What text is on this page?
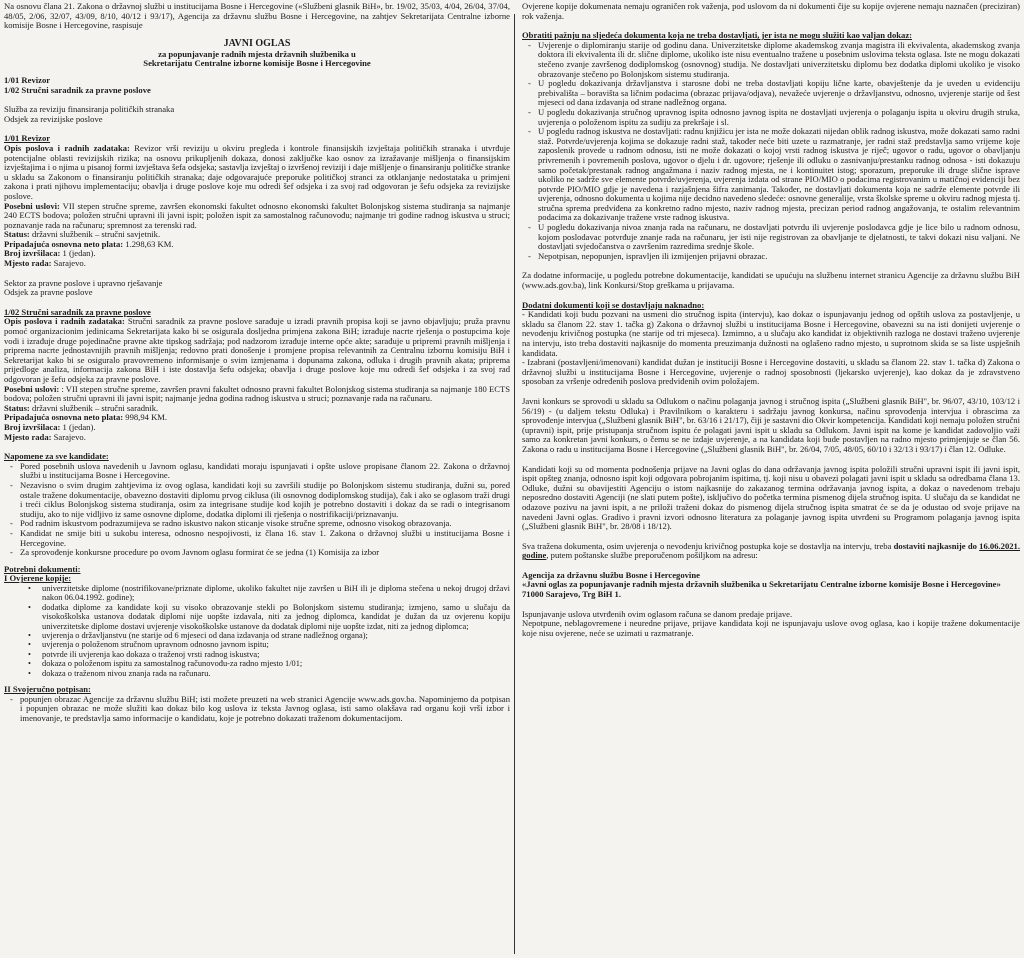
Na osnovu člana 21. Zakona o državnoj službi u institucijama Bosne i Hercegovine («Službeni glasnik BiH», br. 19/02, 35/03, 4/04, 26/04, 37/04, 48/05, 2/06, 32/07, 43/09, 8/10, 40/12 i 93/17), Agencija za državnu službu Bosne i Hercegovine, na zahtjev Sekretarijata Centralne izborne komisije Bosne i Hercegovine, raspisuje

JAVNI OGLAS

za popunjavanje radnih mjesta državnih službenika u

Sekretarijatu Centralne izborne komisije Bosne i Hercegovine

1/01 Revizor

1/02 Stručni saradnik za pravne poslove

Služba za reviziju finansiranja političkih stranaka

Odsjek za revizijske poslove

1/01 Revizor

Opis poslova i radnih zadataka: Revizor vrši reviziju u okviru pregleda i kontrole finansijskih izvještaja političkih stranaka i utvrđuje potencijalne oblasti revizijskih rizika; na osnovu prikupljenih dokaza, donosi zaključke kao osnov za izražavanje mišljenja o finansijskim izvještajima i o njima u pisanoj formi izvještava šefa odsjeka; sastavlja izvještaj o izvršenoj reviziji i daje mišljenje o finansiranju političke stranke u skladu sa Zakonom o finansiranju političkih stranaka; daje odgovarajuće preporuke političkoj stranci za otklanjanje nedostataka u primjeni zakona i prati njihovu implementaciju; obavlja i druge poslove koje mu odredi šef odsjeka i za svoj rad odgovoran je šefu odsjeka za revizijske poslove.

Posebni uslovi: VII stepen stručne spreme, završen ekonomski fakultet odnosno ekonomski fakultet Bolonjskog sistema studiranja sa najmanje 240 ECTS bodova; položen stručni upravni ili javni ispit; položen ispit za samostalnog računovođu; najmanje tri godine radnog iskustva u struci; poznavanje rada na računaru; spremnost za terenski rad.

Status: državni službenik – stručni savjetnik.

Pripadajuća osnovna neto plata: 1.298,63 KM.

Broj izvršilaca: 1 (jedan).

Mjesto rada: Sarajevo.

Sektor za pravne poslove i upravno rješavanje

Odsjek za pravne poslove

1/02 Stručni saradnik za pravne poslove

Opis poslova i radnih zadataka: Stručni saradnik za pravne poslove sarađuje u izradi pravnih propisa koji se javno objavljuju; pruža pravnu pomoć organizacionim jedinicama Sekretarijata kako bi se osiguraIa dosljedna primjena zakona BiH; izrađuje nacrte rješenja o postupcima koje vodi i izrađuje druge pojedinačne pravne akte tipskog sadržaja; pod nadzorom izrađuje interne opće akte; sarađuje u pripremi pravnih mišljenja i pripremа nacrte jednostavnijih pravnih mišljenja; redovno prati donošenje i promjene propisa relevantnih za Centralnu izbornu komisiju BiH i Sekretarijat kako bi se osiguralo pravovremeno informisanje o svim izmjenama i dopunama zakona, odluka i drugih pravnih akata; priprema prijedloge analiza, informacija zakona BiH i iste dostavlja šefu odsjeka; obavlja i druge poslove koje mu odredi šef odsjeka i za svoj rad odgovoran je šefu odsjeka za pravne poslove.

Posebni uslovi: : VII stepen stručne spreme, završen pravni fakultet odnosno pravni fakultet Bolonjskog sistema studiranja sa najmanje 180 ECTS bodova; položen stručni upravni ili javni ispit; najmanje jedna godina radnog iskustva u struci; poznavanje rada na računaru.

Status: državni službenik – stručni saradnik.

Pripadajuća osnovna neto plata: 998,94 KM.

Broj izvršilaca: 1 (jedan).

Mjesto rada: Sarajevo.

Napomene za sve kandidate:

- Pored posebnih uslova navedenih u Javnom oglasu, kandidati moraju ispunjavati i opšte uslove propisane članom 22. Zakona o državnoj službi u institucijama Bosne i Hercegovine.
- Nezavisno o svim drugim zahtjevima iz ovog oglasa, kandidati koji su završili studije po Bolonjskom sistemu studiranja, dužni su, pored ostale tražene dokumentacije, obavezno dostaviti diplomu prvog ciklusa (ili osnovnog dodiplomskog studija), čak i ako se oglasom traži drugi i treći ciklus Bolonjskog sistema studiranja, osim za integrisane studije kod kojih je potrebno dostaviti i dokaz da se radi o integrisanom studiju, ako to nije vidljivo iz same osnovne diplome, dodatka diplomi ili rješenja o nostrifikaciji/priznavanju.
- Pod radnim iskustvom podrazumijeva se radno iskustvo nakon sticanje visoke stručne spreme, odnosno visokog obrazovanja.
- Kandidat ne smije biti u sukobu interesa, odnosno nespojivosti, iz člana 16. stav 1. Zakona o državnoj službi u institucijama Bosne i Hercegovine.
- Za sprovođenje konkursne procedure po ovom Javnom oglasu formirat će se jedna (1) Komisija za izbor

Potrebni dokumenti:

I Ovjerene kopije:

• univerzitetske diplome (nostrifikovane/priznate diplome, ukoliko fakultet nije završen u BiH ili je diploma stečena u nekoj drugoj državi nakon 06.04.1992. godine);
• dodatka diplome za kandidate koji su visoko obrazovanje stekli po Bolonjskom sistemu studiranja; izmjeno, samo u slučaju da visokoškolska ustanova dodatak diplomi nije uopšte izdavala, niti za jednog diplomca, kandidat je dužan da uz ovjerenu kopiju univerzitetske diplome dostavi uvjerenje visokoškolske ustanove da dodatak diplomi nije uopšte izdat, niti za jednog diplomca;
• uvjerenja o državljanstvu (ne starije od 6 mjeseci od dana izdavanja od strane nadležnog organa);
• uvjerenja o položenom stručnom upravnom odnosno javnom ispitu;
• potvrde ili uvjerenja kao dokaza o traženoj vrsti radnog iskustva;
• dokaza o položenom ispitu za samostalnog računovođu-za radno mjesto 1/01;
• dokaza o traženom nivou znanja rada na računaru.

II Svojeručno potpisan:

- popunjen obrazac Agencije za državnu službu BiH; isti možete preuzeti na web stranici Agencije www.ads.gov.ba. Napominjemo da potpisan i popunjen obrazac ne može služiti kao dokaz bilo kog uslova iz teksta Javnog oglasa, isti samo olakšava rad organu koji vrši izbor i imenovanje, te predstavlja samo informacije o kandidatu, koje je potrebno dokazati traženom dokumentacijom.

Ovjerene kopije dokumenata nemaju ograničen rok važenja, pod uslovom da ni dokumenti čije su kopije ovjerene nemaju naznačen (preciziran) rok važenja.

Obratiti pažnju na sljedeća dokumenta koja ne treba dostavljati, jer ista ne mogu služiti kao valjan dokaz:

- Uvjerenje o diplomiranju starije od godinu dana. Univerzitetske diplome akademskog zvanja magistra ili ekvivalenta, akademskog zvanja doktora ili ekvivalenta ili dr. slične diplome, ukoliko iste nisu eventualno tražene u posebnim uslovima teksta oglasa. Iste ne mogu dokazati stečeno zvanje završenog dodiplomskog (osnovnog) studija. Ne dostavljati univerzitetsku diplomu bez dodatka diplomi ukoliko je visoko obrazovanje stečeno po Bolonjskom sistemu studiranja.
- U pogledu dokazivanja državljanstva i starosne dobi ne treba dostavljati kopiju lične karte, obavještenje da je uveden u evidenciju prebivališta – boravišta sa ličnim podacima (obrazac prijava/odjava), nevažeće uvjerenje o državljanstvu, odnosno, uvjerenje starije od šest mjeseci od dana izdavanja od strane nadležnog organa.
- U pogledu dokazivanja stručnog upravnog ispita odnosno javnog ispita ne dostavljati uvjerenja o polaganju ispita u okviru drugih struka, uvjerenja o položenom ispitu za sudiju za prekršaje i sl.
- U pogledu radnog iskustva ne dostavljati: radnu knjižicu jer ista ne može dokazati nijedan oblik radnog iskustva, može dokazati samo radni staž. Potvrde/uvjerenja kojima se dokazuje radni staž, također neće biti uzete u razmatranje, jer radni staž predstavlja samo vrijeme koje zaposlenik provede u radnom odnosu, isti ne može dokazati o kojoj vrsti radnog iskustva je riječ; ugovor o radu, ugovor o obavljanju privremenih i povremenih poslova, ugovor o djelu i dr. ugovore; rješenje ili odluku o zasnivanju/prestanku radnog odnosa - isti dokazuju samo početak/prestanak radnog angažmana i naziv radnog mjesta, ne i kontinuitet istog; sporazum, preporuke ili druge slične isprave ukoliko ne sadrže sve elemente potvrde/uvjerenja, uvjerenja izdata od strane PIO/MIO o podacima registrovanim u matičnoj evidenciji bez potvrde PIO/MIO gdje je navedena i razjašnjena šifra zanimanja. Također, ne dostavljati dokumenta koja ne sadrže elemente potvrde ili uvjerenja, odnosno dokumenta u kojima nije decidno navedeno sledeće: osnovne generalije, vrsta školske spreme u okviru radnog mjesta tj. stručna sprema predviđena za konkretno radno mjesto, naziv radnog mjesta, precizan period radnog angažovanja, te ostalim relevantnim podacima za dokazivanje tražene vrste radnog iskustva.
- U pogledu dokazivanja nivoa znanja rada na računaru, ne dostavljati potvrdu ili uvjerenje poslodavca gdje je lice bilo u radnom odnosu, kojom poslodavac potvrđuje znanje rada na računaru, jer isti nije registrovan za obavljanje te djelatnosti, te takvi dokazi nisu valjani. Ne dostavljati svjedočanstva o završenim razredima srednje škole.
- Nepotpisan, nepopunjen, ispravljen ili izmijenjen prijavni obrazac.

Za dodatne informacije, u pogledu potrebne dokumentacije, kandidati se upućuju na službenu internet stranicu Agencije za državnu službu BiH (www.ads.gov.ba), link Konkursi/Stop greškama u prijavama.

Dodatni dokumenti koji se dostavljaju naknadno:

- Kandidati koji budu pozvani na usmeni dio stručnog ispita (intervju), kao dokaz o ispunjavanju jednog od opštih uslova za postavljenje, u skladu sa članom 22. stav 1. tačka g) Zakona o državnoj službi u institucijama Bosne i Hercegovine, obavezni su na isti donijeti uvjerenje o nevođenju krivičnog postupka (ne starije od tri mjeseca). Izmimno, a u slučaju ako kandidat iz objektivnih razloga ne dostavi traženo uvjerenje na intervju, isto treba dostaviti najkasnije do momenta preuzimanja dužnosti na oglašeno radno mjesto, u suprotnom skida se sa liste uspješnih kandidata.

- Izabrani (postavljeni/imenovani) kandidat dužan je instituciji Bosne i Hercegovine dostaviti, u skladu sa članom 22. stav 1. tačka d) Zakona o državnoj službi u institucijama Bosne i Hercegovine, uvjerenje o radnoj sposobnosti (ljekarsko uvjerenje), kao dokaz da je zdravstveno sposoban za vršenje određenih poslova predviđenih ovim položajem.

Javni konkurs se sprovodi u skladu sa Odlukom o načinu polaganja javnog i stručnog ispita („Službeni glasnik BiH", br. 96/07, 43/10, 103/12 i 56/19) - (u daljem tekstu Odluka) i Pravilnikom o karakteru i sadržaju javnog konkursa, načinu sprovođenja intervjua i obrascima za sprovođenje intervjua („Službeni glasnik BiH", br. 63/16 i 21/17), čiji je sastavni dio Okvir kompetencija. Kandidati koji nemaju položen stručni (upravni) ispit, prije pristupanja stručnom ispitu će polagati javni ispit u skladu sa Odlukom. Javni ispit na kome je kandidat zadovoljio važi samo za konkretan javni konkurs, o čemu se ne izdaje uvjerenje, a na kandidata koji bude postavljen na radno mjesto primjenjuje se član 56. Zakona o radu u institucijama Bosne i Hercegovine („Službeni glasnik BiH", br. 26/04, 7/05, 48/05, 60/10 i 32/13 i 93/17) i član 12. Odluke.

Kandidati koji su od momenta podnošenja prijave na Javni oglas do dana održavanja javnog ispita položili stručni upravni ispit ili javni ispit, ispit opšteg znanja, odnosno ispit koji odgovara pobrojanim ispitima, tj. koji nisu u obavezi polagati javni ispit u skladu sa odredbama člana 13. Odluke, dužni su obavijestiti Agenciju o istom najkasnije do zakazanog termina održavanja javnog ispita, a dokaz o navedenom trebaju neposredno dostaviti Agenciji (ne slati putem pošte), isključivo do početka termina pismenog dijela stručnog ispita. U slučaju da se kandidat ne odazove pozivu na javni ispit, a ne priloži traženi dokaz do pismenog dijela stručnog ispita smatrat će se da je odustao od svoje prijave na navedeni Javni oglas. Gradivo i pravni izvori odnosno literatura za polaganje javnog ispita utvrđeni su Programom polaganja javnog ispita („Službeni glasnik BiH", br. 28/08 i 18/12).

Sva tražena dokumenta, osim uvjerenja o nevođenju krivičnog postupka koje se dostavlja na intervju, treba dostaviti najkasnije do 16.06.2021. godine, putem poštanske službe preporučenom pošiljkom na adresu:

Agencija za državnu službu Bosne i Hercegovine

«Javni oglas za popunjavanje radnih mjesta državnih službenika u Sekretarijatu Centralne izborne komisije Bosne i Hercegovine»

71000 Sarajevo, Trg BiH 1.

Ispunjavanje uslova utvrđenih ovim oglasom računa se danom predaje prijave.

Nepotpune, neblagovremene i neuredne prijave, prijave kandidata koji ne ispunjavaju uslove ovog oglasa, kao i kopije tražene dokumentacije koje nisu ovjerene, neće se uzimati u razmatranje.
